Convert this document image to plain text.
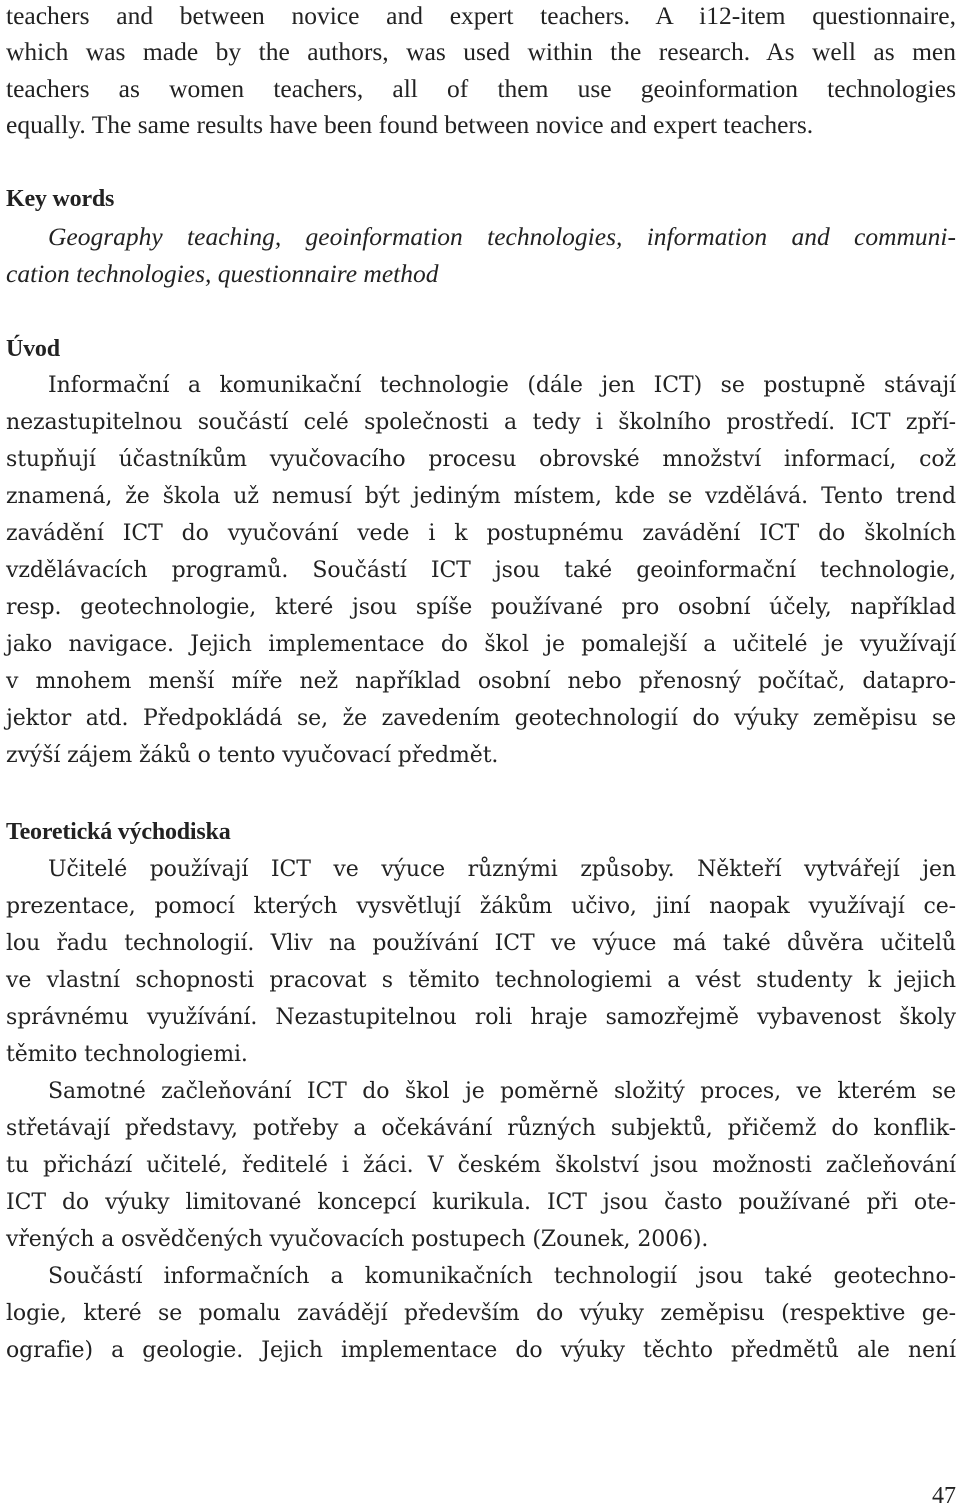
teachers and between novice and expert teachers. A i12-item questionnaire,

which was made by the authors, was used within the research. As well as men

teachers as women teachers, all of them use geoinformation technologies

equally. The same results have been found between novice and expert teachers.

Key words

Geography teaching, geoinformation technologies, information and communi-

cation technologies, questionnaire method

Úvod

Informační a komunikační technologie (dále jen ICT) se postupně stávají

nezastupitelnou součástí celé společnosti a tedy i školního prostředí. ICT zpří-

stupňují účastníkům vyučovacího procesu obrovské množství informací, což

znamená, že škola už nemusí být jediným místem, kde se vzdělává. Tento trend

zavádění ICT do vyučování vede i k postupnému zavádění ICT do školních

vzdělávacích programů. Součástí ICT jsou také geoinformační technologie,

resp. geotechnologie, které jsou spíše používané pro osobní účely, například

jako navigace. Jejich implementace do škol je pomalejší a učitelé je využívají

v mnohem menší míře než například osobní nebo přenosný počítač, datapro-

jektor atd. Předpokládá se, že zavedením geotechnologií do výuky zeměpisu se

zvýší zájem žáků o tento vyučovací předmět.

Teoretická východiska

Učitelé používají ICT ve výuce různými způsoby. Někteří vytvářejí jen

prezentace, pomocí kterých vysvětlují žákům učivo, jiní naopak využívají ce-

lou řadu technologií. Vliv na používání ICT ve výuce má také důvěra učitelů

ve vlastní schopnosti pracovat s těmito technologiemi a vést studenty k jejich

správnému využívání. Nezastupitelnou roli hraje samozřejmě vybavenost školy

těmito technologiemi.

Samotné začleňování ICT do škol je poměrně složitý proces, ve kterém se

střetávají představy, potřeby a očekávání různých subjektů, přičemž do konflik-

tu přichází učitelé, ředitelé i žáci. V českém školství jsou možnosti začleňování

ICT do výuky limitované koncepcí kurikula. ICT jsou často používané při ote-

vřených a osvědčených vyučovacích postupech (Zounek, 2006).

Součástí informačních a komunikačních technologií jsou také geotechno-

logie, které se pomalu zavádějí především do výuky zeměpisu (respektive ge-

ografie) a geologie. Jejich implementace do výuky těchto předmětů ale není

47
